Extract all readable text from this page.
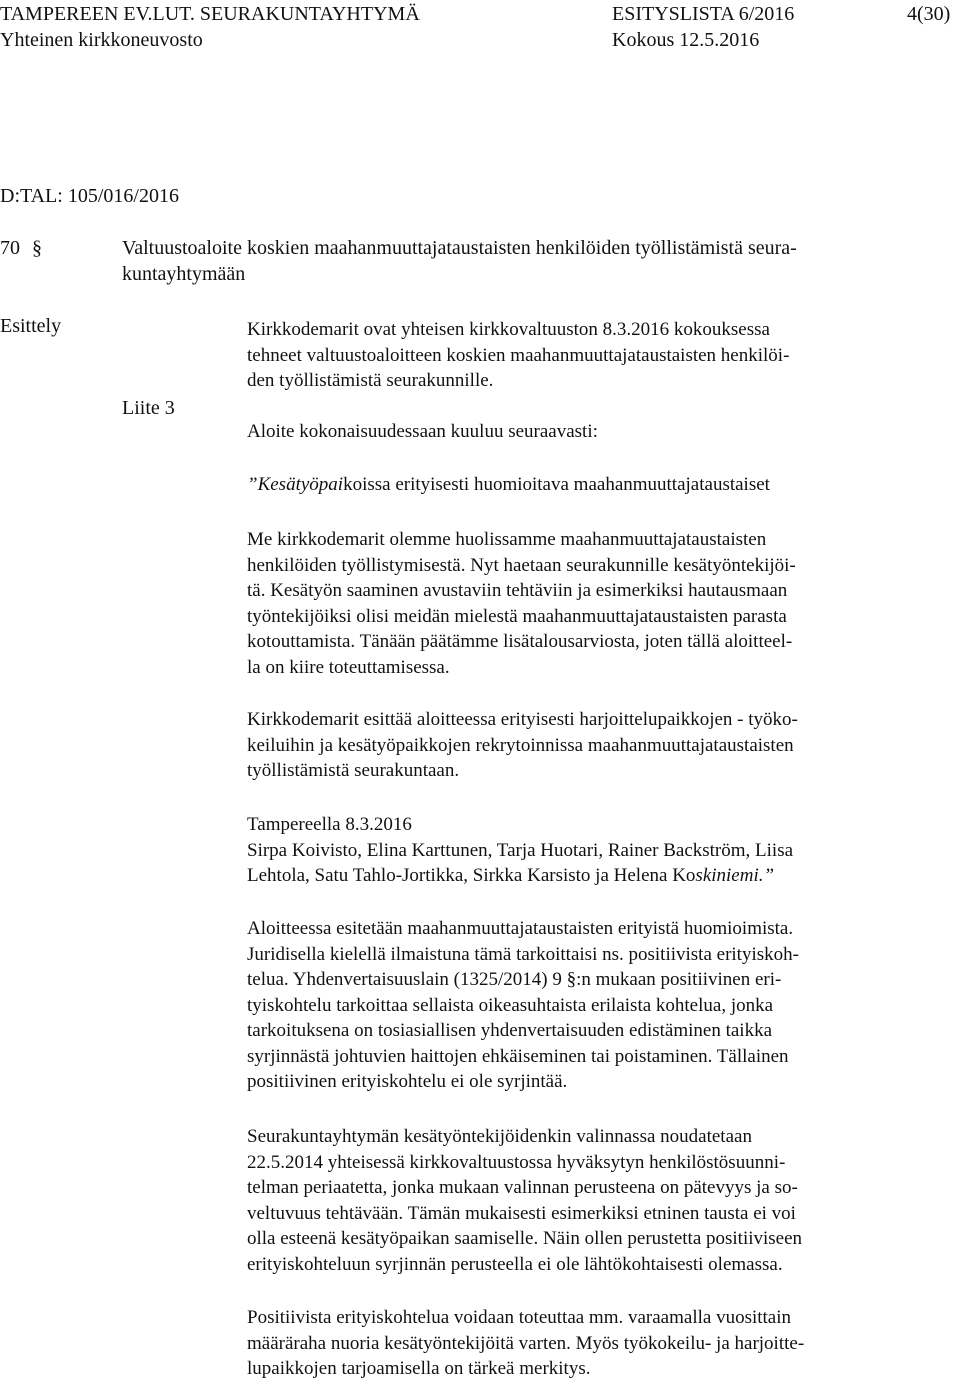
TAMPEREEN EV.LUT. SEURAKUNTAYHTYMÄ	ESITYSLISTA 6/2016	4(30)
Yhteinen kirkkoneuvosto	Kokous 12.5.2016
D:TAL: 105/016/2016
70 §	Valtuustoaloite koskien maahanmuuttajataustaisten henkilöiden työllistämistä seura-
kuntayhtymään
Esittely
Liite 3
Kirkkodemarit ovat yhteisen kirkkovaltuuston 8.3.2016 kokouksessa
tehneet valtuustoaloitteen koskien maahanmuuttajataustaisten henkilöi-
den työllistämistä seurakunnille.
Aloite kokonaisuudessaan kuuluu seuraavasti:
”Kesätyöpaikoissa erityisesti huomioitava maahanmuuttajataustaiset
Me kirkkodemarit olemme huolissamme maahanmuuttajataustaisten
henkilöiden työllistymisestä. Nyt haetaan seurakunnille kesätyöntekijöi-
tä. Kesätyön saaminen avustaviin tehtäviin ja esimerkiksi hautausmaan
työntekijöiksi olisi meidän mielestä maahanmuuttajataustaisten parasta
kotouttamista. Tänään päätämme lisätalousarviosta, joten tällä aloitteel-
la on kiire toteuttamisessa.
Kirkkodemarit esittää aloitteessa erityisesti harjoittelupaikkojen - työko-
keiluihin ja kesätyöpaikkojen rekrytoinnissa maahanmuuttajataustaisten
työllistämistä seurakuntaan.
Tampereella 8.3.2016
Sirpa Koivisto, Elina Karttunen, Tarja Huotari, Rainer Backström, Liisa
Lehtola, Satu Tahlo-Jortikka, Sirkka Karsisto ja Helena Koskiniemi.”
Aloitteessa esitetään maahanmuuttajataustaisten erityistä huomioimista.
Juridisella kielellä ilmaistuna tämä tarkoittaisi ns. positiivista erityiskoh-
telua. Yhdenvertaisuuslain (1325/2014) 9 §:n mukaan positiivinen eri-
tyiskohtelu tarkoittaa sellaista oikeasuhtaista erilaista kohtelua, jonka
tarkoituksena on tosiasiallisen yhdenvertaisuuden edistäminen taikka
syrjinnästä johtuvien haittojen ehkäiseminen tai poistaminen. Tällainen
positiivinen erityiskohtelu ei ole syrjintää.
Seurakuntayhtymän kesätyöntekijöidenkin valinnassa noudatetaan
22.5.2014 yhteisessä kirkkovaltuustossa hyväksytyn henkilöstösuunni-
telman periaatetta, jonka mukaan valinnan perusteena on pätevyys ja so-
veltuvuus tehtävään. Tämän mukaisesti esimerkiksi etninen tausta ei voi
olla esteenä kesätyöpaikan saamiselle. Näin ollen perustetta positiiviseen
erityiskohteluun syrjinnän perusteella ei ole lähtökohtaisesti olemassa.
Positiivista erityiskohtelua voidaan toteuttaa mm. varaamalla vuosittain
määräraha nuoria kesätyöntekijöitä varten. Myös työkokeilu- ja harjoitte-
lupaikkojen tarjoamisella on tärkeä merkitys.
